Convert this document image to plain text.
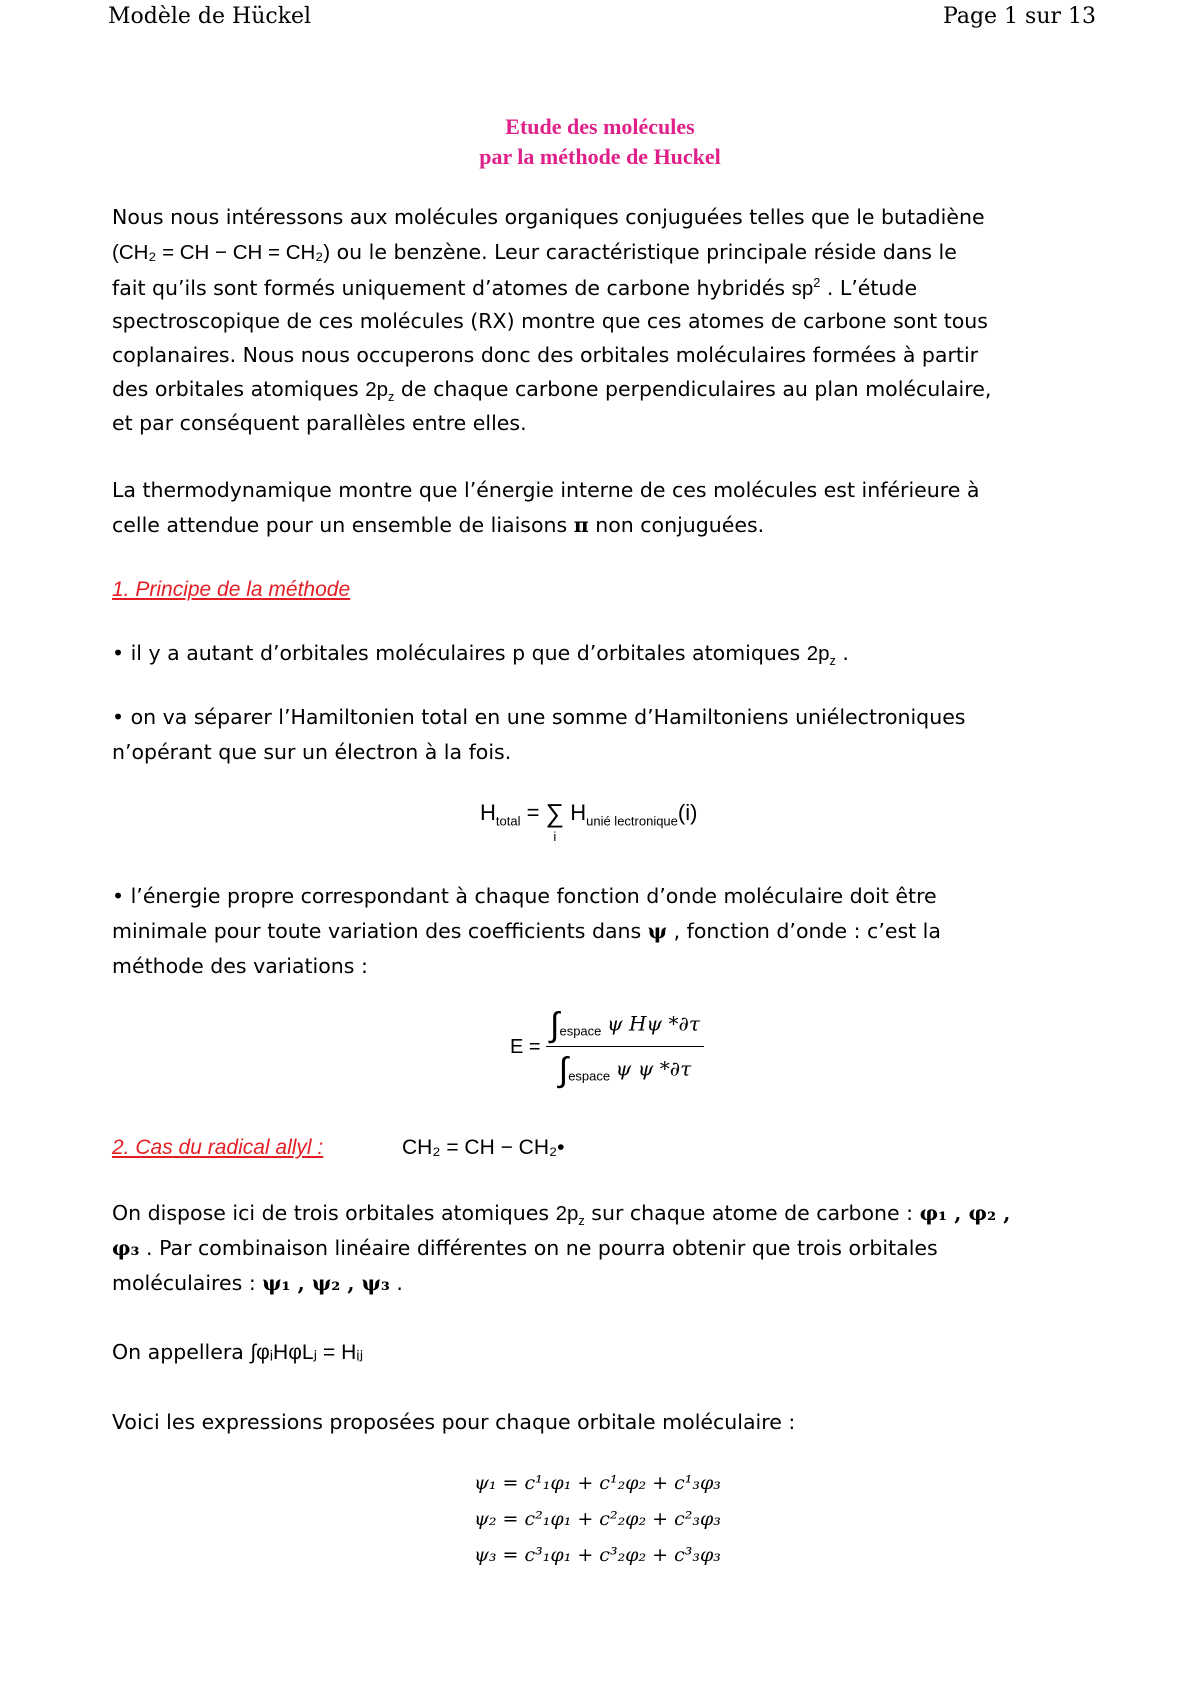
Modèle de Hückel	Page 1 sur 13
Etude des molécules
par la méthode de Huckel
Nous nous intéressons aux molécules organiques conjuguées telles que le butadiène
(CH₂ = CH − CH = CH₂) ou le benzène. Leur caractéristique principale réside dans le
fait qu’ils sont formés uniquement d’atomes de carbone hybridés $sp^2$ . L’étude
spectroscopique de ces molécules (RX) montre que ces atomes de carbone sont tous
coplanaires. Nous nous occuperons donc des orbitales moléculaires formées à partir
des orbitales atomiques $2p_z$ de chaque carbone perpendiculaires au plan moléculaire,
et par conséquent parallèles entre elles.
La thermodynamique montre que l’énergie interne de ces molécules est inférieure à
celle attendue pour un ensemble de liaisons π non conjuguées.
1. Principe de la méthode
• il y a autant d’orbitales moléculaires p que d’orbitales atomiques $2p_z$ .
• on va séparer l’Hamiltonien total en une somme d’Hamiltoniens uniélectroniques
n’opérant que sur un électron à la fois.
$H_{total}$ = ∑
i
$H_{unié lectronique}(i)$
• l’énergie propre correspondant à chaque fonction d’onde moléculaire doit être
minimale pour toute variation des coefficients dans ψ , fonction d’onde : c’est la
méthode des variations :
$E = \frac{\int_{espace} \psi H\psi *\partial\tau}{\int_{espace} \psi \psi *\partial\tau}$
2. Cas du radical allyl :	CH₂ = CH − CH₂•
On dispose ici de trois orbitales atomiques $2p_z$ sur chaque atome de carbone : φ₁ , φ₂ ,
φ₃ . Par combinaison linéaire différentes on ne pourra obtenir que trois orbitales
moléculaires : ψ₁ , ψ₂ , ψ₃ .
On appellera ∫φᵢHφLⱼ = Hᵢⱼ
Voici les expressions proposées pour chaque orbitale moléculaire :
ψ₁ = c¹₁φ₁ + c¹₂φ₂ + c¹₃φ₃
ψ₂ = c²₁φ₁ + c²₂φ₂ + c²₃φ₃
ψ₃ = c³₁φ₁ + c³₂φ₂ + c³₃φ₃
